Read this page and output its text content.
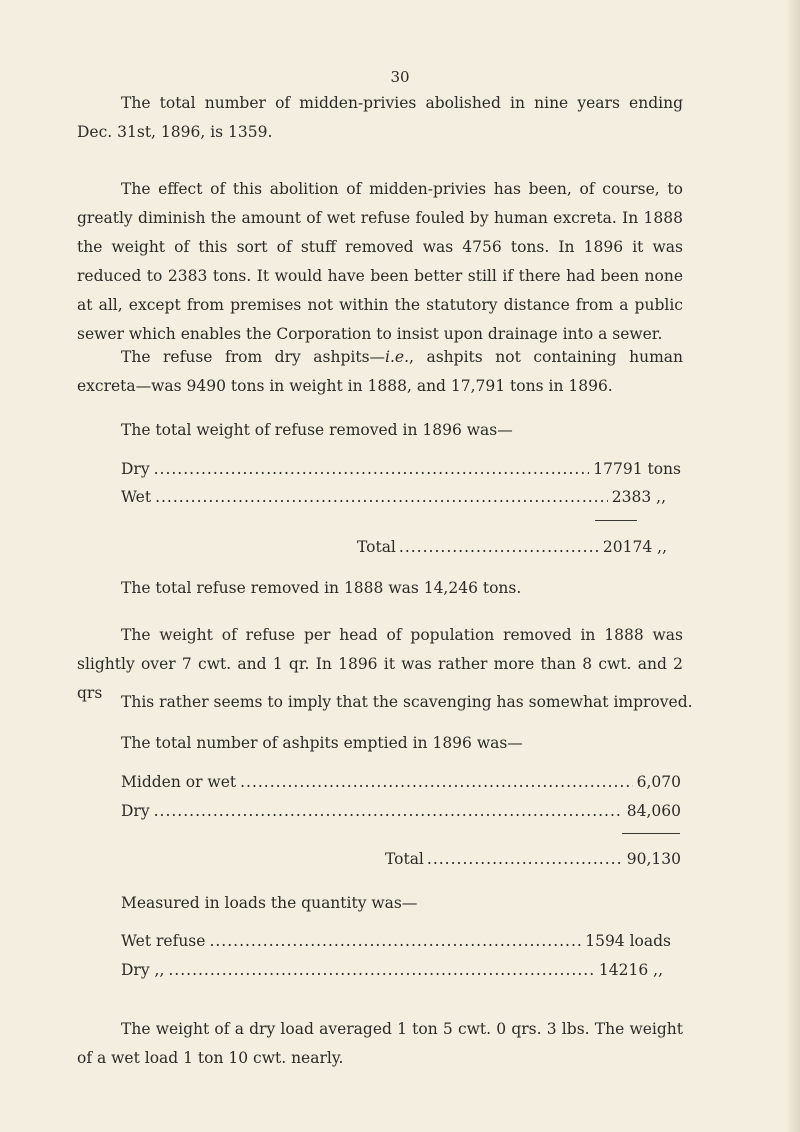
30

The total number of midden-privies abolished in nine years ending Dec. 31st, 1896, is 1359.

The effect of this abolition of midden-privies has been, of course, to greatly diminish the amount of wet refuse fouled by human excreta. In 1888 the weight of this sort of stuff removed was 4756 tons. In 1896 it was reduced to 2383 tons. It would have been better still if there had been none at all, except from premises not within the statutory distance from a public sewer which enables the Corporation to insist upon drainage into a sewer.

The refuse from dry ashpits—i.e., ashpits not containing human excreta—was 9490 tons in weight in 1888, and 17,791 tons in 1896.

The total weight of refuse removed in 1896 was—
Dry .....	17791 tons
Wet .....	2383 ,,
Total .....	20174 ,,
The total refuse removed in 1888 was 14,246 tons.

The weight of refuse per head of population removed in 1888 was slightly over 7 cwt. and 1 qr. In 1896 it was rather more than 8 cwt. and 2 qrs	This rather seems to imply that the scavenging has somewhat improved.
The total number of ashpits emptied in 1896 was—
Midden or wet .....	6,070
Dry .....	84,060
Total .....	90,130
Measured in loads the quantity was—
Wet refuse .....	1594 loads
Dry ,, .....	14216 ,,

The weight of a dry load averaged 1 ton 5 cwt. 0 qrs. 3 lbs. The weight of a wet load 1 ton 10 cwt. nearly.
